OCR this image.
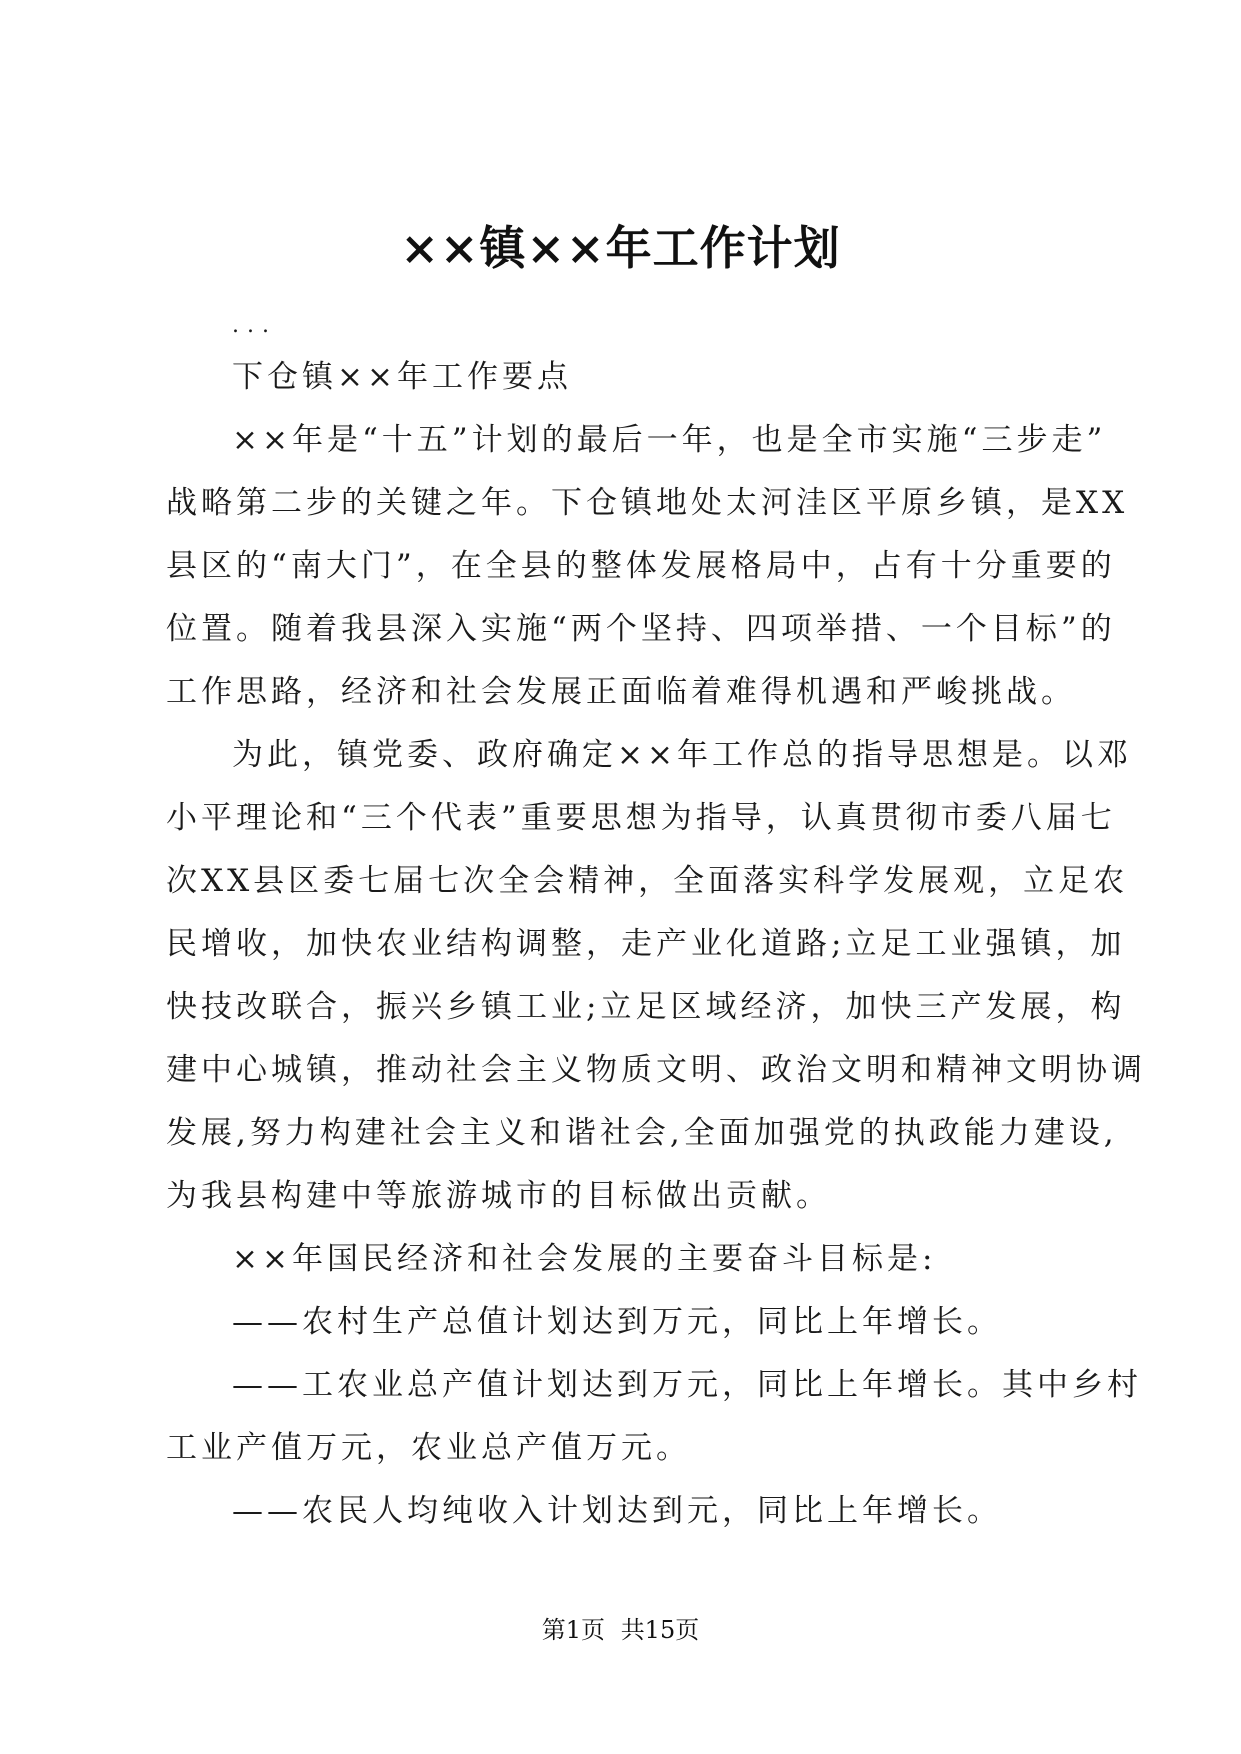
××镇××年工作计划
...
下仓镇××年工作要点
××年是“十五”计划的最后一年，也是全市实施“三步走”
战略第二步的关键之年。下仓镇地处太河洼区平原乡镇，是XX
县区的“南大门”，在全县的整体发展格局中，占有十分重要的
位置。随着我县深入实施“两个坚持、四项举措、一个目标”的
工作思路，经济和社会发展正面临着难得机遇和严峻挑战。
为此，镇党委、政府确定××年工作总的指导思想是。以邓
小平理论和“三个代表”重要思想为指导，认真贯彻市委八届七
次XX县区委七届七次全会精神，全面落实科学发展观，立足农
民增收，加快农业结构调整，走产业化道路;立足工业强镇，加
快技改联合，振兴乡镇工业;立足区域经济，加快三产发展，构
建中心城镇，推动社会主义物质文明、政治文明和精神文明协调
发展,努力构建社会主义和谐社会,全面加强党的执政能力建设,
为我县构建中等旅游城市的目标做出贡献。
××年国民经济和社会发展的主要奋斗目标是:
——农村生产总值计划达到万元，同比上年增长。
——工农业总产值计划达到万元，同比上年增长。其中乡村
工业产值万元，农业总产值万元。
——农民人均纯收入计划达到元，同比上年增长。
第1页 共15页
